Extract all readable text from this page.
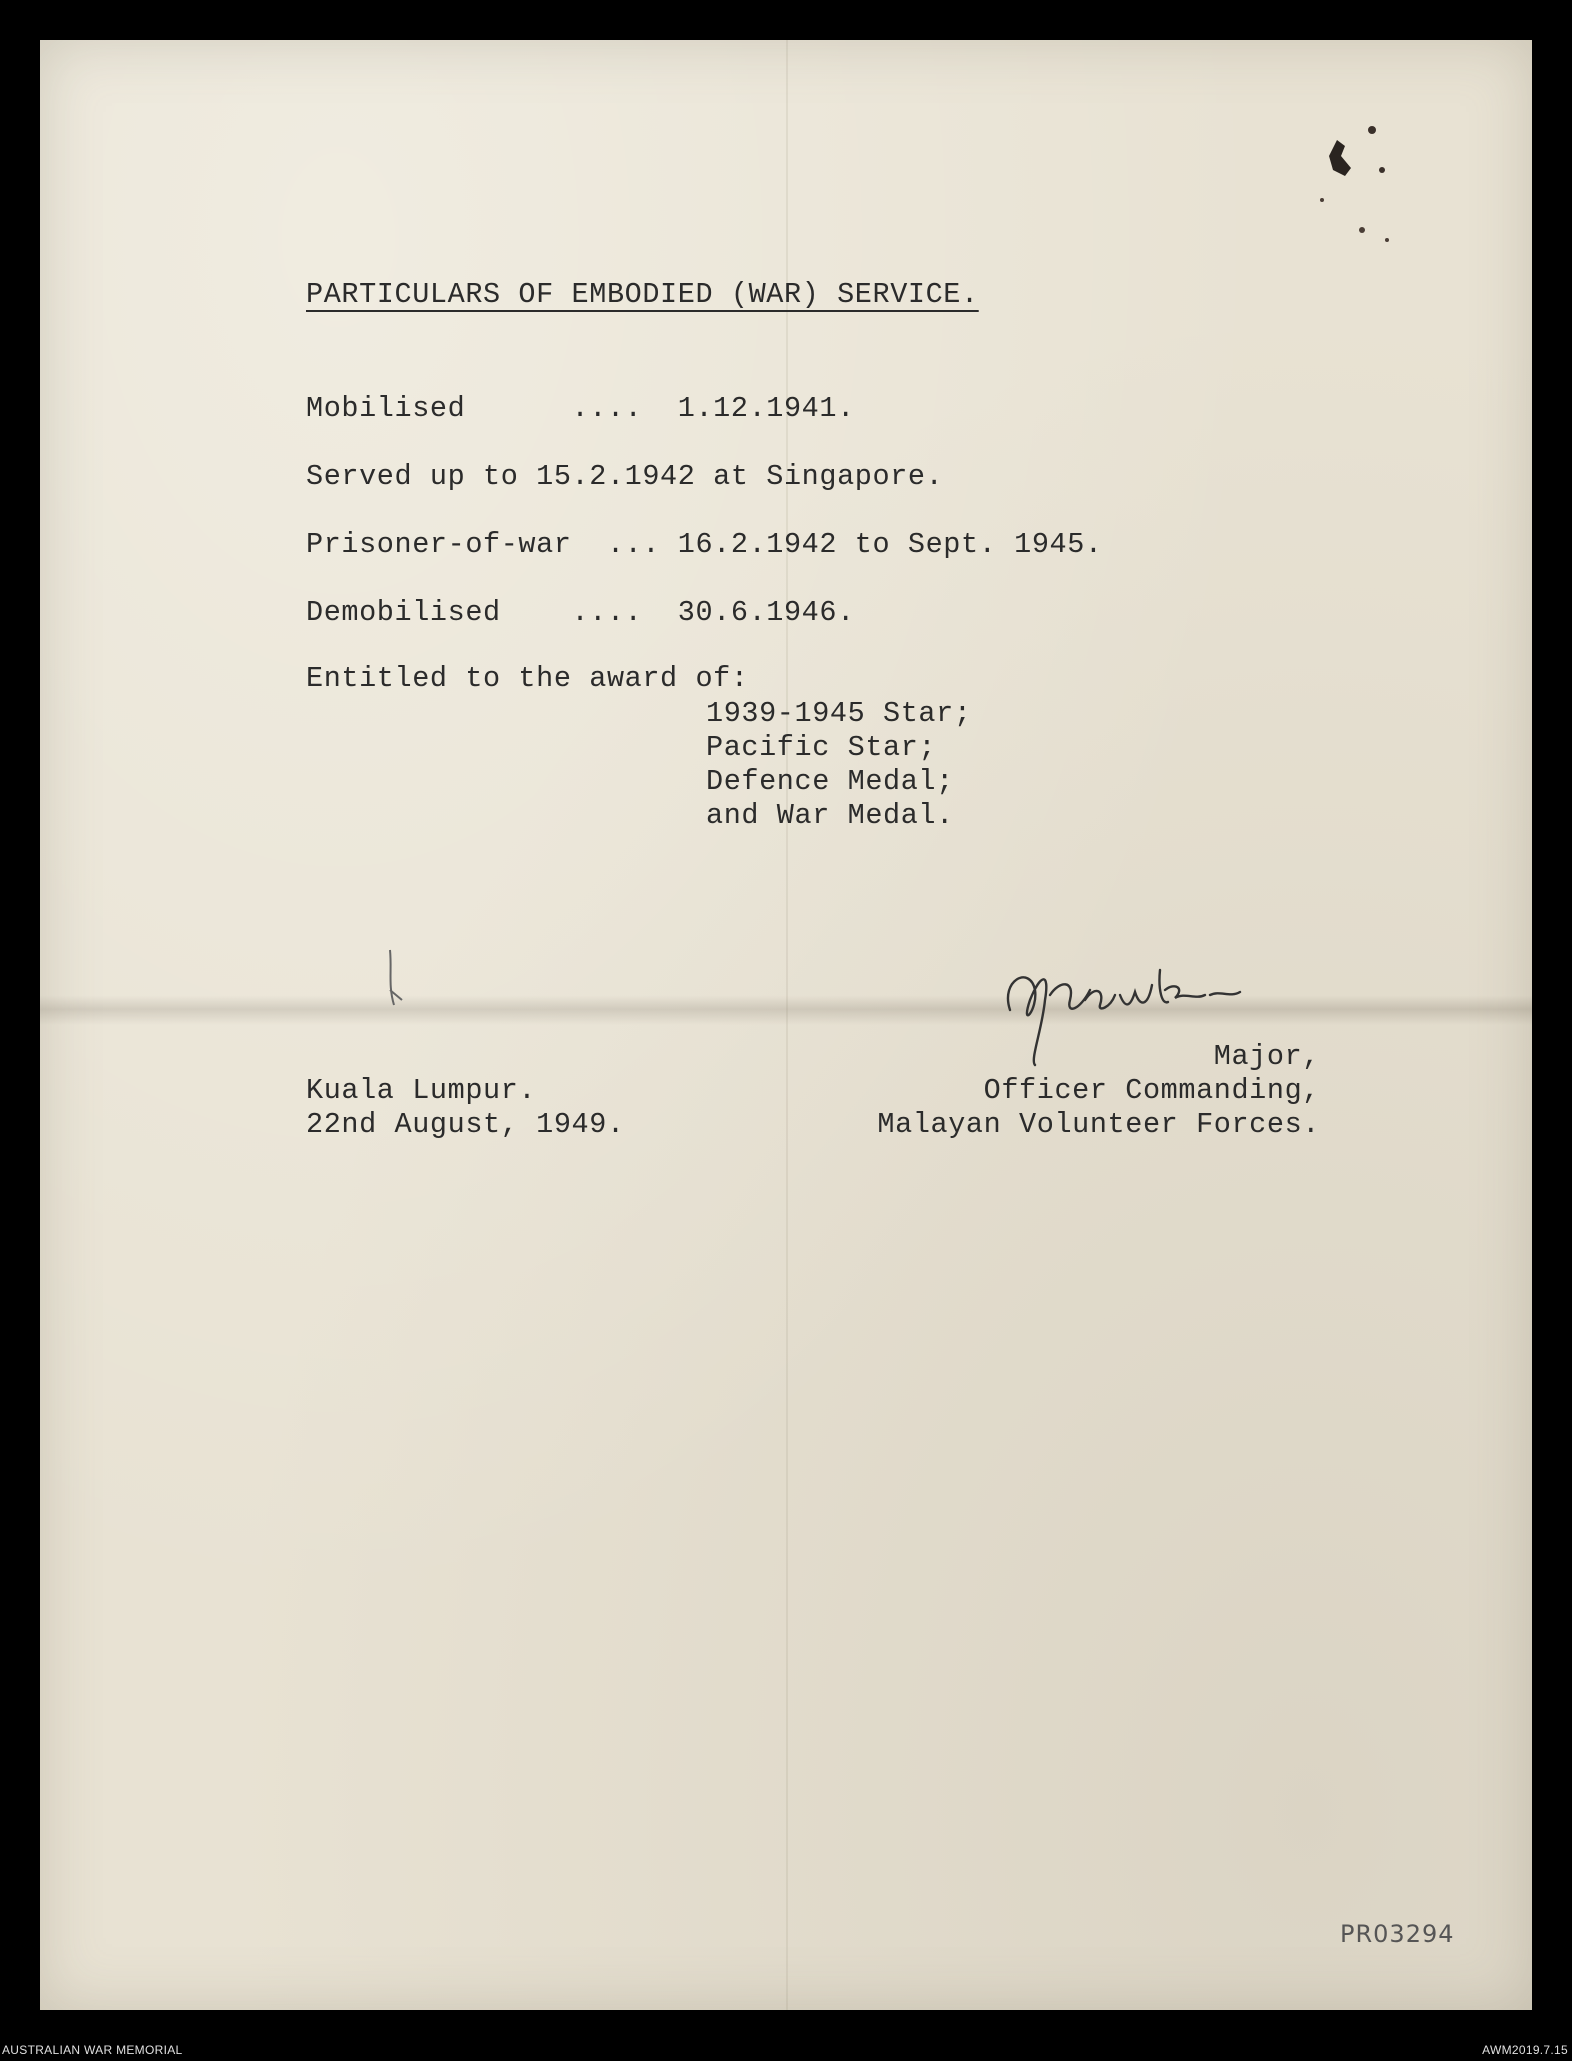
PARTICULARS OF EMBODIED (WAR) SERVICE.
Mobilised      ....  1.12.1941.
Served up to 15.2.1942 at Singapore.
Prisoner-of-war  ... 16.2.1942 to Sept. 1945.
Demobilised    ....  30.6.1946.
Entitled to the award of:
1939-1945 Star;
Pacific Star;
Defence Medal;
and War Medal.
Major,
Officer Commanding,
Malayan Volunteer Forces.
Kuala Lumpur.
22nd August, 1949.
PR03294
AUSTRALIAN WAR MEMORIAL	AWM2019.7.15
